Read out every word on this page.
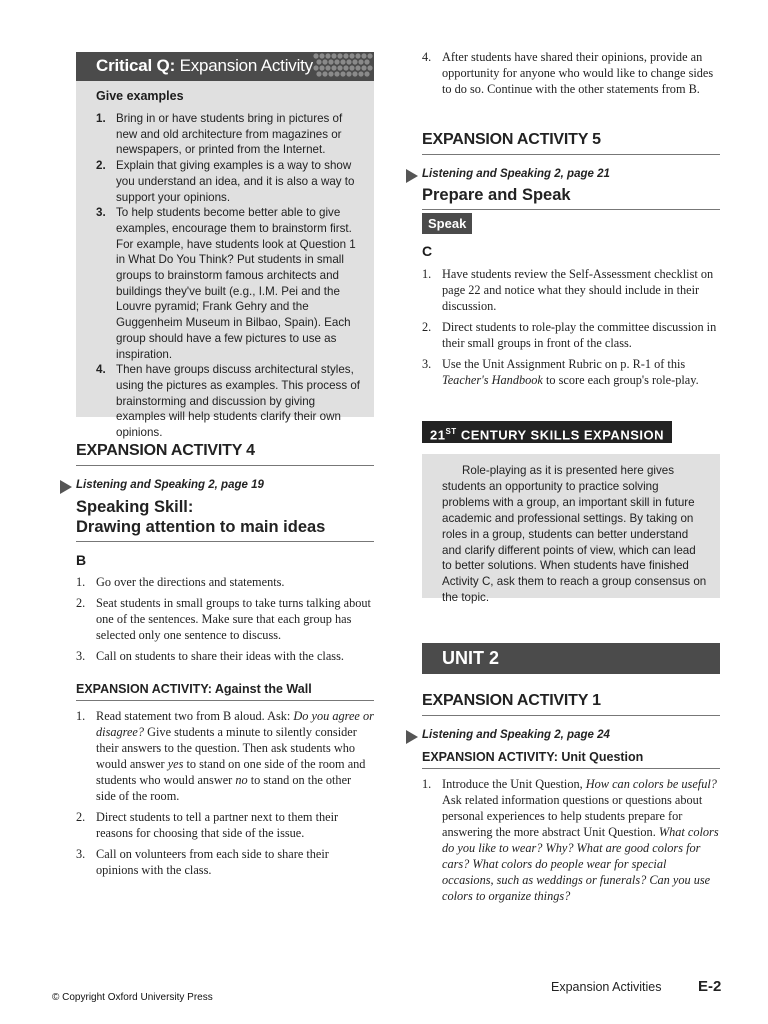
Critical Q: Expansion Activity
Give examples
1. Bring in or have students bring in pictures of new and old architecture from magazines or newspapers, or printed from the Internet.
2. Explain that giving examples is a way to show you understand an idea, and it is also a way to support your opinions.
3. To help students become better able to give examples, encourage them to brainstorm first. For example, have students look at Question 1 in What Do You Think? Put students in small groups to brainstorm famous architects and buildings they've built (e.g., I.M. Pei and the Louvre pyramid; Frank Gehry and the Guggenheim Museum in Bilbao, Spain). Each group should have a few pictures to use as inspiration.
4. Then have groups discuss architectural styles, using the pictures as examples. This process of brainstorming and discussion by giving examples will help students clarify their own opinions.
EXPANSION ACTIVITY 4
Listening and Speaking 2, page 19
Speaking Skill:
Drawing attention to main ideas
B
1. Go over the directions and statements.
2. Seat students in small groups to take turns talking about one of the sentences. Make sure that each group has selected only one sentence to discuss.
3. Call on students to share their ideas with the class.
EXPANSION ACTIVITY: Against the Wall
1. Read statement two from B aloud. Ask: Do you agree or disagree? Give students a minute to silently consider their answers to the question. Then ask students who would answer yes to stand on one side of the room and students who would answer no to stand on the other side of the room.
2. Direct students to tell a partner next to them their reasons for choosing that side of the issue.
3. Call on volunteers from each side to share their opinions with the class.
4. After students have shared their opinions, provide an opportunity for anyone who would like to change sides to do so. Continue with the other statements from B.
EXPANSION ACTIVITY 5
Listening and Speaking 2, page 21
Prepare and Speak
Speak
C
1. Have students review the Self-Assessment checklist on page 22 and notice what they should include in their discussion.
2. Direct students to role-play the committee discussion in their small groups in front of the class.
3. Use the Unit Assignment Rubric on p. R-1 of this Teacher's Handbook to score each group's role-play.
21ST CENTURY SKILLS EXPANSION

Role-playing as it is presented here gives students an opportunity to practice solving problems with a group, an important skill in future academic and professional settings. By taking on roles in a group, students can better understand and clarify different points of view, which can lead to better solutions. When students have finished Activity C, ask them to reach a group consensus on the topic.

UNIT 2
EXPANSION ACTIVITY 1
Listening and Speaking 2, page 24
EXPANSION ACTIVITY: Unit Question
1. Introduce the Unit Question, How can colors be useful? Ask related information questions or questions about personal experiences to help students prepare for answering the more abstract Unit Question. What colors do you like to wear? Why? What are good colors for cars? What colors do people wear for special occasions, such as weddings or funerals? Can you use colors to organize things?
© Copyright Oxford University Press
Expansion Activities E-2
